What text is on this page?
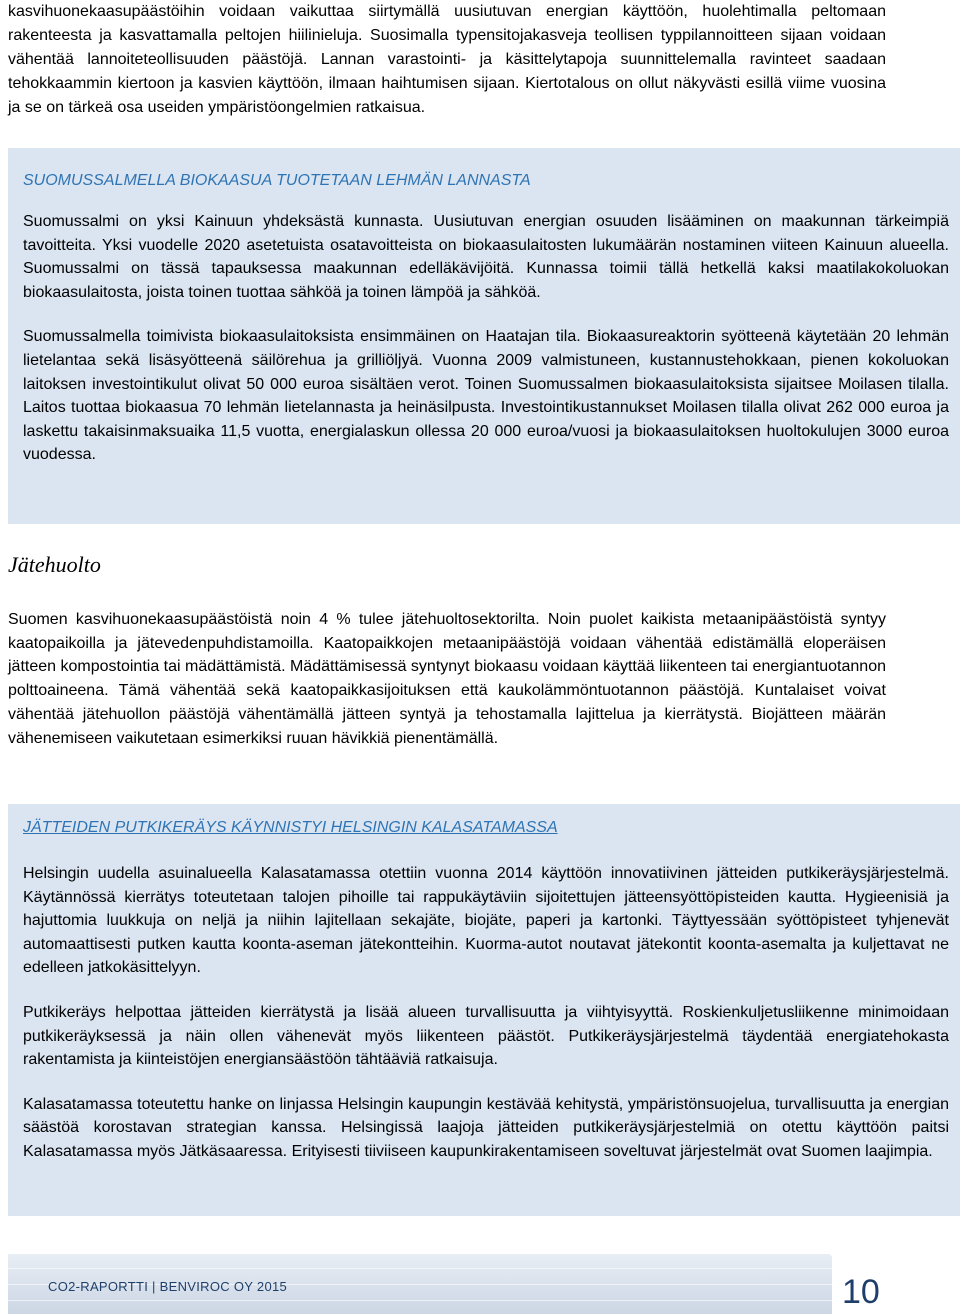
kasvihuonekaasupäästöihin voidaan vaikuttaa siirtymällä uusiutuvan energian käyttöön, huolehtimalla peltomaan rakenteesta ja kasvattamalla peltojen hiilinieluja. Suosimalla typensitojakasveja teollisen typpilannoitteen sijaan voidaan vähentää lannoiteteollisuuden päästöjä. Lannan varastointi- ja käsittelytapoja suunnittelemalla ravinteet saadaan tehokkaammin kiertoon ja kasvien käyttöön, ilmaan haihtumisen sijaan. Kiertotalous on ollut näkyvästi esillä viime vuosina ja se on tärkeä osa useiden ympäristöongelmien ratkaisua.

SUOMUSSALMELLA BIOKAASUA TUOTETAAN LEHMÄN LANNASTA

Suomussalmi on yksi Kainuun yhdeksästä kunnasta. Uusiutuvan energian osuuden lisääminen on maakunnan tärkeimpiä tavoitteita. Yksi vuodelle 2020 asetetuista osatavoitteista on biokaasulaitosten lukumäärän nostaminen viiteen Kainuun alueella. Suomussalmi on tässä tapauksessa maakunnan edelläkävijöitä. Kunnassa toimii tällä hetkellä kaksi maatilakokoluokan biokaasulaitosta, joista toinen tuottaa sähköä ja toinen lämpöä ja sähköä.

Suomussalmella toimivista biokaasulaitoksista ensimmäinen on Haatajan tila. Biokaasureaktorin syötteenä käytetään 20 lehmän lietelantaa sekä lisäsyötteenä säilörehua ja grilliöljyä. Vuonna 2009 valmistuneen, kustannustehokkaan, pienen kokoluokan laitoksen investointikulut olivat 50 000 euroa sisältäen verot. Toinen Suomussalmen biokaasulaitoksista sijaitsee Moilasen tilalla. Laitos tuottaa biokaasua 70 lehmän lietelannasta ja heinäsilpusta. Investointikustannukset Moilasen tilalla olivat 262 000 euroa ja laskettu takaisinmaksuaika 11,5 vuotta, energialaskun ollessa 20 000 euroa/vuosi ja biokaasulaitoksen huoltokulujen 3000 euroa vuodessa.

Jätehuolto

Suomen kasvihuonekaasupäästöistä noin 4 % tulee jätehuoltosektorilta. Noin puolet kaikista metaanipäästöistä syntyy kaatopaikoilla ja jätevedenpuhdistamoilla. Kaatopaikkojen metaanipäästöjä voidaan vähentää edistämällä eloperäisen jätteen kompostointia tai mädättämistä. Mädättämisessä syntynyt biokaasu voidaan käyttää liikenteen tai energiantuotannon polttoaineena. Tämä vähentää sekä kaatopaikkasijoituksen että kaukolämmöntuotannon päästöjä. Kuntalaiset voivat vähentää jätehuollon päästöjä vähentämällä jätteen syntyä ja tehostamalla lajittelua ja kierrätystä. Biojätteen määrän vähenemiseen vaikutetaan esimerkiksi ruuan hävikkiä pienentämällä.

JÄTTEIDEN PUTKIKERÄYS KÄYNNISTYI HELSINGIN KALASATAMASSA

Helsingin uudella asuinalueella Kalasatamassa otettiin vuonna 2014 käyttöön innovatiivinen jätteiden putkikeräysjärjestelmä. Käytännössä kierrätys toteutetaan talojen pihoille tai rappukäytäviin sijoitettujen jätteensyöttöpisteiden kautta. Hygieenisiä ja hajuttomia luukkuja on neljä ja niihin lajitellaan sekajäte, biojäte, paperi ja kartonki. Täyttyessään syöttöpisteet tyhjenevät automaattisesti putken kautta koonta-aseman jätekontteihin. Kuorma-autot noutavat jätekontit koonta-asemalta ja kuljettavat ne edelleen jatkokäsittelyyn.

Putkikeräys helpottaa jätteiden kierrätystä ja lisää alueen turvallisuutta ja viihtyisyyttä. Roskienkuljetusliikenne minimoidaan putkikeräyksessä ja näin ollen vähenevät myös liikenteen päästöt. Putkikeräysjärjestelmä täydentää energiatehokasta rakentamista ja kiinteistöjen energiansäästöön tähtääviä ratkaisuja.

Kalasatamassa toteutettu hanke on linjassa Helsingin kaupungin kestävää kehitystä, ympäristönsuojelua, turvallisuutta ja energian säästöä korostavan strategian kanssa. Helsingissä laajoja jätteiden putkikeräysjärjestelmiä on otettu käyttöön paitsi Kalasatamassa myös Jätkäsaaressa. Erityisesti tiiviiseen kaupunkirakentamiseen soveltuvat järjestelmät ovat Suomen laajimpia.

CO2-RAPORTTI | BENVIROC OY 2015	10
